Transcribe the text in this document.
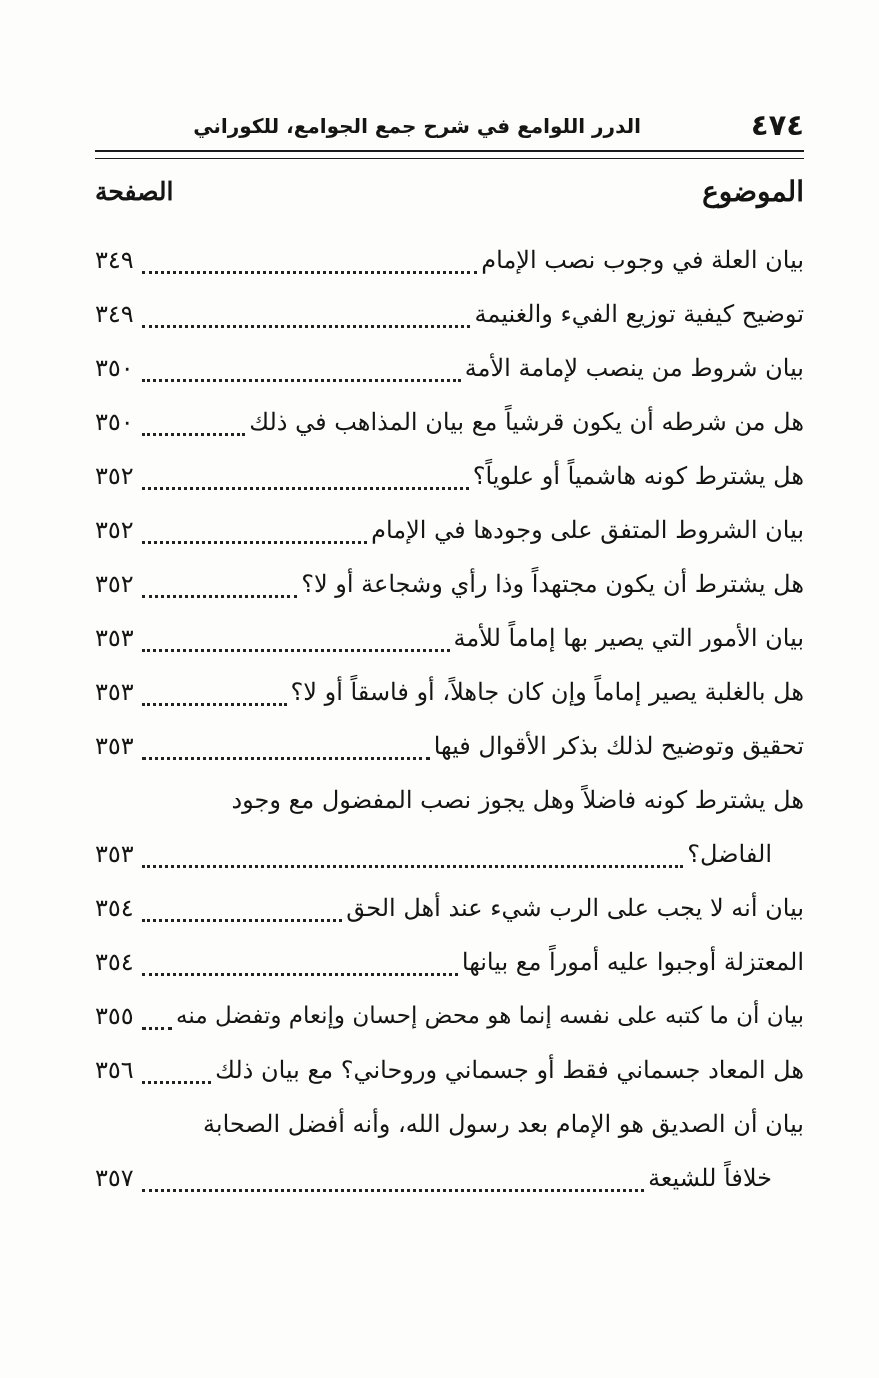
٤٧٤
الدرر اللوامع في شرح جمع الجوامع، للكوراني
الموضوع
الصفحة
بيان العلة في وجوب نصب الإمام
٣٤٩
توضيح كيفية توزيع الفيء والغنيمة
٣٤٩
بيان شروط من ينصب لإمامة الأمة
٣٥٠
هل من شرطه أن يكون قرشياً مع بيان المذاهب في ذلك
٣٥٠
هل يشترط كونه هاشمياً أو علوياً؟
٣٥٢
بيان الشروط المتفق على وجودها في الإمام
٣٥٢
هل يشترط أن يكون مجتهداً وذا رأي وشجاعة أو لا؟
٣٥٢
بيان الأمور التي يصير بها إماماً للأمة
٣٥٣
هل بالغلبة يصير إماماً وإن كان جاهلاً، أو فاسقاً أو لا؟
٣٥٣
تحقيق وتوضيح لذلك بذكر الأقوال فيها
٣٥٣
هل يشترط كونه فاضلاً وهل يجوز نصب المفضول مع وجود
الفاضل؟
٣٥٣
بيان أنه لا يجب على الرب شيء عند أهل الحق
٣٥٤
المعتزلة أوجبوا عليه أموراً مع بيانها
٣٥٤
بيان أن ما كتبه على نفسه إنما هو محض إحسان وإنعام وتفضل منه
٣٥٥
هل المعاد جسماني فقط أو جسماني وروحاني؟ مع بيان ذلك
٣٥٦
بيان أن الصديق هو الإمام بعد رسول الله، وأنه أفضل الصحابة
خلافاً للشيعة
٣٥٧
